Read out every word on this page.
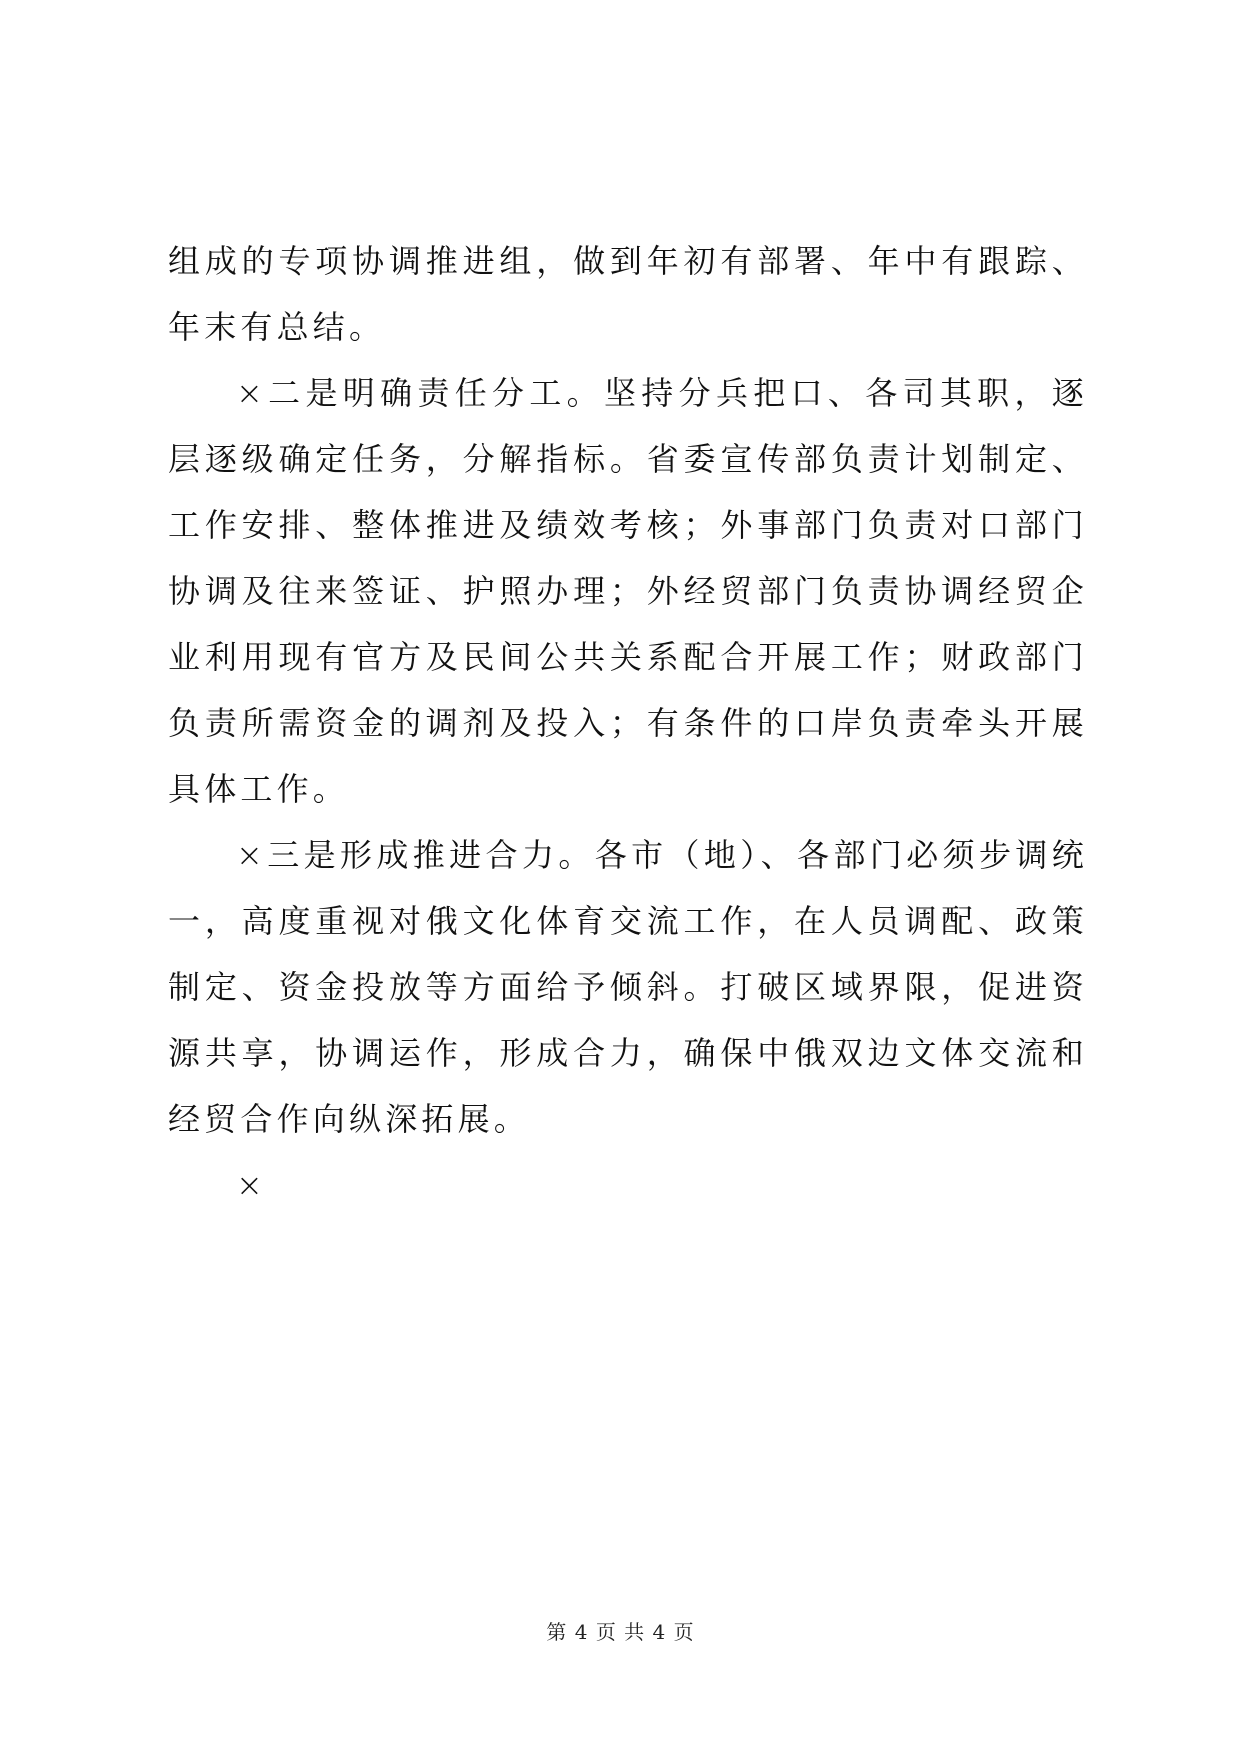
组成的专项协调推进组，做到年初有部署、年中有跟踪、年末有总结。

×二是明确责任分工。坚持分兵把口、各司其职，逐层逐级确定任务，分解指标。省委宣传部负责计划制定、工作安排、整体推进及绩效考核；外事部门负责对口部门协调及往来签证、护照办理；外经贸部门负责协调经贸企业利用现有官方及民间公共关系配合开展工作；财政部门负责所需资金的调剂及投入；有条件的口岸负责牵头开展具体工作。

×三是形成推进合力。各市（地）、各部门必须步调统一，高度重视对俄文化体育交流工作，在人员调配、政策制定、资金投放等方面给予倾斜。打破区域界限，促进资源共享，协调运作，形成合力，确保中俄双边文体交流和经贸合作向纵深拓展。

×

第 4 页 共 4 页
